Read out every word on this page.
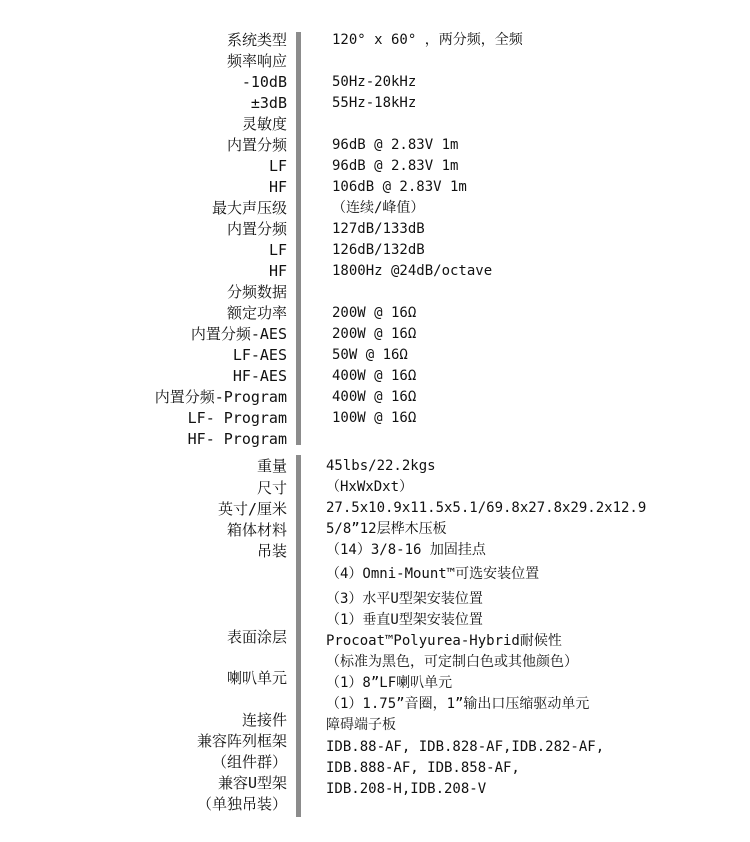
系统类型
频率响应
-10dB
±3dB
灵敏度
内置分频
LF
HF
最大声压级
内置分频
LF
HF
分频数据
额定功率
内置分频-AES
LF-AES
HF-AES
内置分频-Program
LF- Program
HF- Program
120° x 60° ，两分频，全频
50Hz-20kHz
55Hz-18kHz
96dB @ 2.83V 1m
96dB @ 2.83V 1m
106dB @ 2.83V 1m
（连续/峰值）
127dB/133dB
126dB/132dB
1800Hz @24dB/octave
200W @ 16Ω
200W @ 16Ω
50W @ 16Ω
400W @ 16Ω
400W @ 16Ω
100W @ 16Ω
重量
尺寸
英寸/厘米
箱体材料
吊装
表面涂层
喇叭单元
连接件
兼容阵列框架
（组件群）
兼容U型架
（单独吊装）
45lbs/22.2kgs
（HxWxDxt）
27.5x10.9x11.5x5.1/69.8x27.8x29.2x12.9
5/8”12层桦木压板
（14）3/8-16 加固挂点
（4）Omni-Mount™可选安装位置
（3）水平U型架安装位置
（1）垂直U型架安装位置
Procoat™Polyurea-Hybrid耐候性
（标准为黑色，可定制白色或其他颜色）
（1）8”LF喇叭单元
（1）1.75”音圈，1”输出口压缩驱动单元
障碍端子板
IDB.88-AF, IDB.828-AF,IDB.282-AF,
IDB.888-AF, IDB.858-AF,
IDB.208-H,IDB.208-V
